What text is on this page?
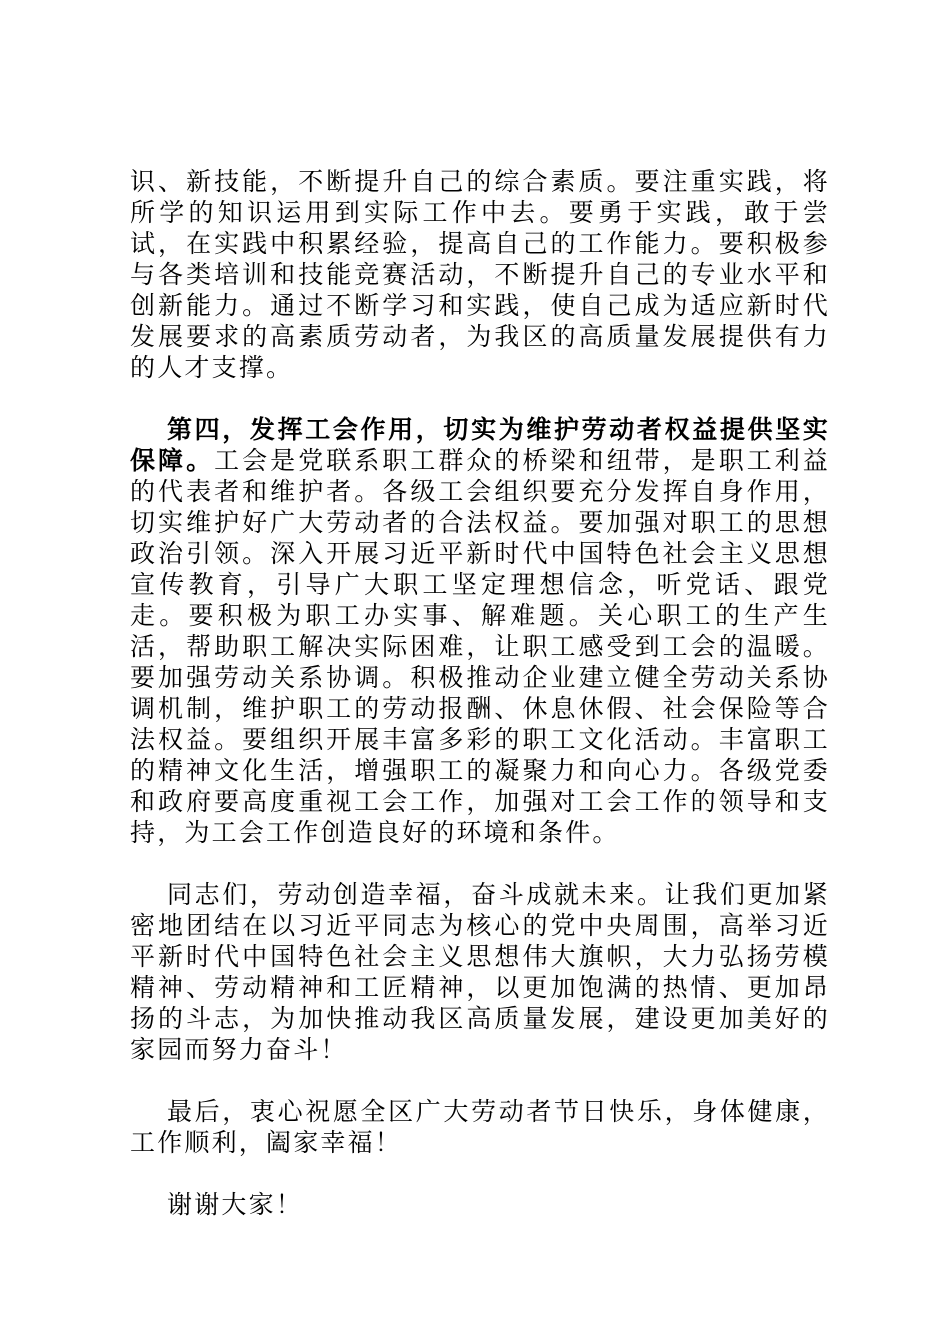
识、新技能，不断提升自己的综合素质。要注重实践，将所学的知识运用到实际工作中去。要勇于实践，敢于尝试，在实践中积累经验，提高自己的工作能力。要积极参与各类培训和技能竞赛活动，不断提升自己的专业水平和创新能力。通过不断学习和实践，使自己成为适应新时代发展要求的高素质劳动者，为我区的高质量发展提供有力的人才支撑。

第四，发挥工会作用，切实为维护劳动者权益提供坚实保障。工会是党联系职工群众的桥梁和纽带，是职工利益的代表者和维护者。各级工会组织要充分发挥自身作用，切实维护好广大劳动者的合法权益。要加强对职工的思想政治引领。深入开展习近平新时代中国特色社会主义思想宣传教育，引导广大职工坚定理想信念，听党话、跟党走。要积极为职工办实事、解难题。关心职工的生产生活，帮助职工解决实际困难，让职工感受到工会的温暖。要加强劳动关系协调。积极推动企业建立健全劳动关系协调机制，维护职工的劳动报酬、休息休假、社会保险等合法权益。要组织开展丰富多彩的职工文化活动。丰富职工的精神文化生活，增强职工的凝聚力和向心力。各级党委和政府要高度重视工会工作，加强对工会工作的领导和支持，为工会工作创造良好的环境和条件。

同志们，劳动创造幸福，奋斗成就未来。让我们更加紧密地团结在以习近平同志为核心的党中央周围，高举习近平新时代中国特色社会主义思想伟大旗帜，大力弘扬劳模精神、劳动精神和工匠精神，以更加饱满的热情、更加昂扬的斗志，为加快推动我区高质量发展，建设更加美好的家园而努力奋斗！

最后，衷心祝愿全区广大劳动者节日快乐，身体健康，工作顺利，阖家幸福！

谢谢大家！
